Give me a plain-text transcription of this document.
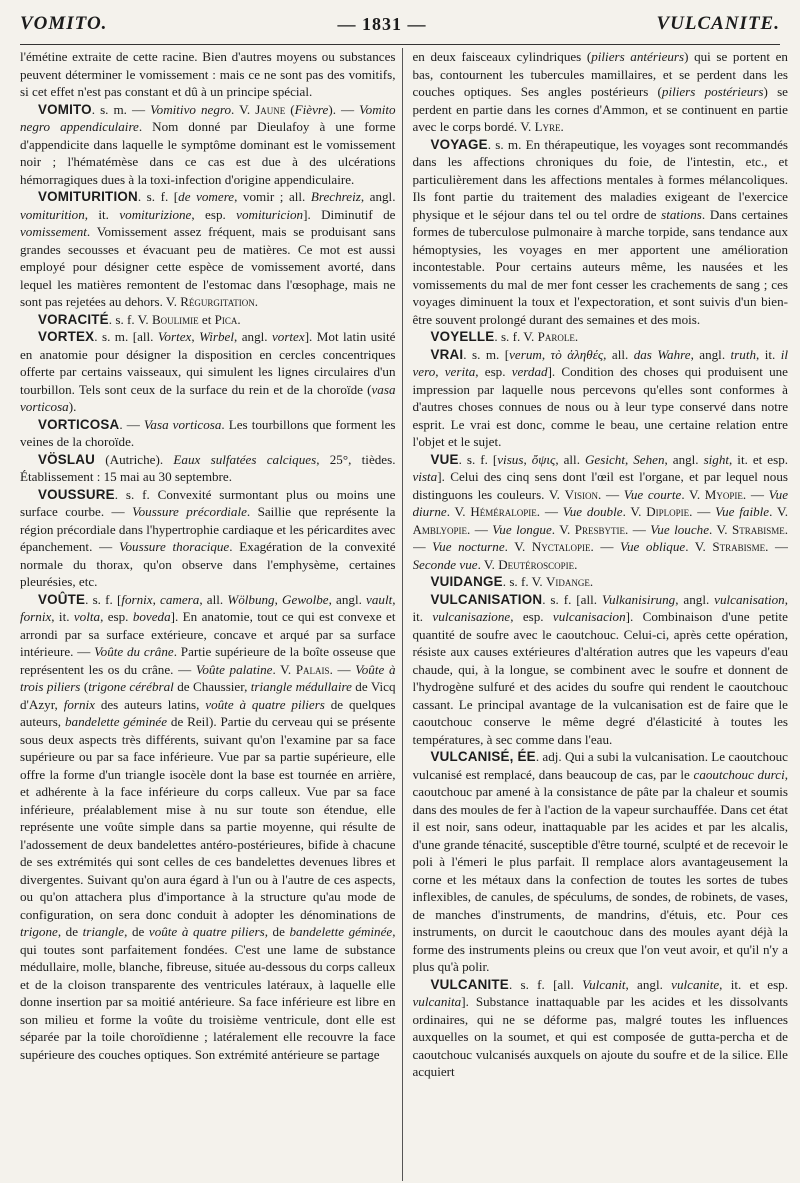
VOMITO.	— 1831 —	VULCANITE.

l'émétine extraite de cette racine. Bien d'autres moyens ou substances peuvent déterminer le vomissement : mais ce ne sont pas des vomitifs, si cet effet n'est pas constant et dû à un principe spécial.

VOMITO. s. m. — Vomitivo negro. V. Jaune (Fièvre). — Vomito negro appendiculaire. Nom donné par Dieulafoy à une forme d'appendicite dans laquelle le symptôme dominant est le vomissement noir ; l'hématémèse dans ce cas est due à des ulcérations hémorragiques dues à la toxi-infection d'origine appendiculaire.

VOMITURITION. s. f. [de vomere, vomir ; all. Brechreiz, angl. vomiturition, it. vomiturizione, esp. vomituricion]. Diminutif de vomissement. Vomissement assez fréquent, mais se produisant sans grandes secousses et évacuant peu de matières. Ce mot est aussi employé pour désigner cette espèce de vomissement avorté, dans lequel les matières remontent de l'estomac dans l'œsophage, mais ne sont pas rejetées au dehors. V. Régurgitation.

VORACITÉ. s. f. V. Boulimie et Pica.

VORTEX. s. m. [all. Vortex, Wirbel, angl. vortex]. Mot latin usité en anatomie pour désigner la disposition en cercles concentriques offerte par certains vaisseaux, qui simulent les lignes circulaires d'un tourbillon. Tels sont ceux de la surface du rein et de la choroïde (vasa vorticosa).

VORTICOSA. — Vasa vorticosa. Les tourbillons que forment les veines de la choroïde.

VÖSLAU (Autriche). Eaux sulfatées calciques, 25°, tièdes. Établissement : 15 mai au 30 septembre.

VOUSSURE. s. f. Convexité surmontant plus ou moins une surface courbe. — Voussure précordiale. Saillie que représente la région précordiale dans l'hypertrophie cardiaque et les péricardites avec épanchement. — Voussure thoracique. Exagération de la convexité normale du thorax, qu'on observe dans l'emphysème, certaines pleurésies, etc.

VOÛTE. s. f. [fornix, camera, all. Wölbung, Gewolbe, angl. vault, fornix, it. volta, esp. boveda]. En anatomie, tout ce qui est convexe et arrondi par sa surface extérieure, concave et arqué par sa surface intérieure. — Voûte du crâne. Partie supérieure de la boîte osseuse que représentent les os du crâne. — Voûte palatine. V. Palais. — Voûte à trois piliers (trigone cérébral de Chaussier, triangle médullaire de Vicq d'Azyr, fornix des auteurs latins, voûte à quatre piliers de quelques auteurs, bandelette géminée de Reil). Partie du cerveau qui se présente sous deux aspects très différents, suivant qu'on l'examine par sa face supérieure ou par sa face inférieure. Vue par sa partie supérieure, elle offre la forme d'un triangle isocèle dont la base est tournée en arrière, et adhérente à la face inférieure du corps calleux. Vue par sa face inférieure, préalablement mise à nu sur toute son étendue, elle représente une voûte simple dans sa partie moyenne, qui résulte de l'adossement de deux bandelettes antéro-postérieures, bifide à chacune de ses extrémités qui sont celles de ces bandelettes devenues libres et divergentes. Suivant qu'on aura égard à l'un ou à l'autre de ces aspects, ou qu'on attachera plus d'importance à la structure qu'au mode de configuration, on sera donc conduit à adopter les dénominations de trigone, de triangle, de voûte à quatre piliers, de bandelette géminée, qui toutes sont parfaitement fondées. C'est une lame de substance médullaire, molle, blanche, fibreuse, située au-dessous du corps calleux et de la cloison transparente des ventricules latéraux, à laquelle elle donne insertion par sa moitié antérieure. Sa face inférieure est libre en son milieu et forme la voûte du troisième ventricule, dont elle est séparée par la toile choroïdienne ; latéralement elle recouvre la face supérieure des couches optiques. Son extrémité antérieure se partage

en deux faisceaux cylindriques (piliers antérieurs) qui se portent en bas, contournent les tubercules mamillaires, et se perdent dans les couches optiques. Ses angles postérieurs (piliers postérieurs) se perdent en partie dans les cornes d'Ammon, et se continuent en partie avec le corps bordé. V. Lyre.

VOYAGE. s. m. En thérapeutique, les voyages sont recommandés dans les affections chroniques du foie, de l'intestin, etc., et particulièrement dans les affections mentales à formes mélancoliques. Ils font partie du traitement des maladies exigeant de l'exercice physique et le séjour dans tel ou tel ordre de stations. Dans certaines formes de tuberculose pulmonaire à marche torpide, sans tendance aux hémoptysies, les voyages en mer apportent une amélioration incontestable. Pour certains auteurs même, les nausées et les vomissements du mal de mer font cesser les crachements de sang ; ces voyages diminuent la toux et l'expectoration, et sont suivis d'un bien-être souvent prolongé durant des semaines et des mois.

VOYELLE. s. f. V. Parole.

VRAI. s. m. [verum, τὸ ἀληθές, all. das Wahre, angl. truth, it. il vero, verita, esp. verdad]. Condition des choses qui produisent une impression par laquelle nous percevons qu'elles sont conformes à d'autres choses connues de nous ou à leur type conservé dans notre esprit. Le vrai est donc, comme le beau, une certaine relation entre l'objet et le sujet.

VUE. s. f. [visus, ὄψις, all. Gesicht, Sehen, angl. sight, it. et esp. vista]. Celui des cinq sens dont l'œil est l'organe, et par lequel nous distinguons les couleurs. V. Vision. — Vue courte. V. Myopie. — Vue diurne. V. Héméralopie. — Vue double. V. Diplopie. — Vue faible. V. Amblyopie. — Vue longue. V. Presbytie. — Vue louche. V. Strabisme. — Vue nocturne. V. Nyctalopie. — Vue oblique. V. Strabisme. — Seconde vue. V. Deutéroscopie.

VUIDANGE. s. f. V. Vidange.

VULCANISATION. s. f. [all. Vulkanisirung, angl. vulcanisation, it. vulcanisazione, esp. vulcanisacion]. Combinaison d'une petite quantité de soufre avec le caoutchouc. Celui-ci, après cette opération, résiste aux causes extérieures d'altération autres que les vapeurs d'eau chaude, qui, à la longue, se combinent avec le soufre et donnent de l'hydrogène sulfuré et des acides du soufre qui rendent le caoutchouc cassant. Le principal avantage de la vulcanisation est de faire que le caoutchouc conserve le même degré d'élasticité à toutes les températures, à sec comme dans l'eau.

VULCANISÉ, ÉE. adj. Qui a subi la vulcanisation. Le caoutchouc vulcanisé est remplacé, dans beaucoup de cas, par le caoutchouc durci, caoutchouc par amené à la consistance de pâte par la chaleur et soumis dans des moules de fer à l'action de la vapeur surchauffée. Dans cet état il est noir, sans odeur, inattaquable par les acides et par les alcalis, d'une grande ténacité, susceptible d'être tourné, sculpté et de recevoir le poli à l'émeri le plus parfait. Il remplace alors avantageusement la corne et les métaux dans la confection de toutes les sortes de tubes inflexibles, de canules, de spéculums, de sondes, de robinets, de vases, de manches d'instruments, de mandrins, d'étuis, etc. Pour ces instruments, on durcit le caoutchouc dans des moules ayant déjà la forme des instruments pleins ou creux que l'on veut avoir, et qu'il n'y a plus qu'à polir.

VULCANITE. s. f. [all. Vulcanit, angl. vulcanite, it. et esp. vulcanita]. Substance inattaquable par les acides et les dissolvants ordinaires, qui ne se déforme pas, malgré toutes les influences auxquelles on la soumet, et qui est composée de gutta-percha et de caoutchouc vulcanisés auxquels on ajoute du soufre et de la silice. Elle acquiert
